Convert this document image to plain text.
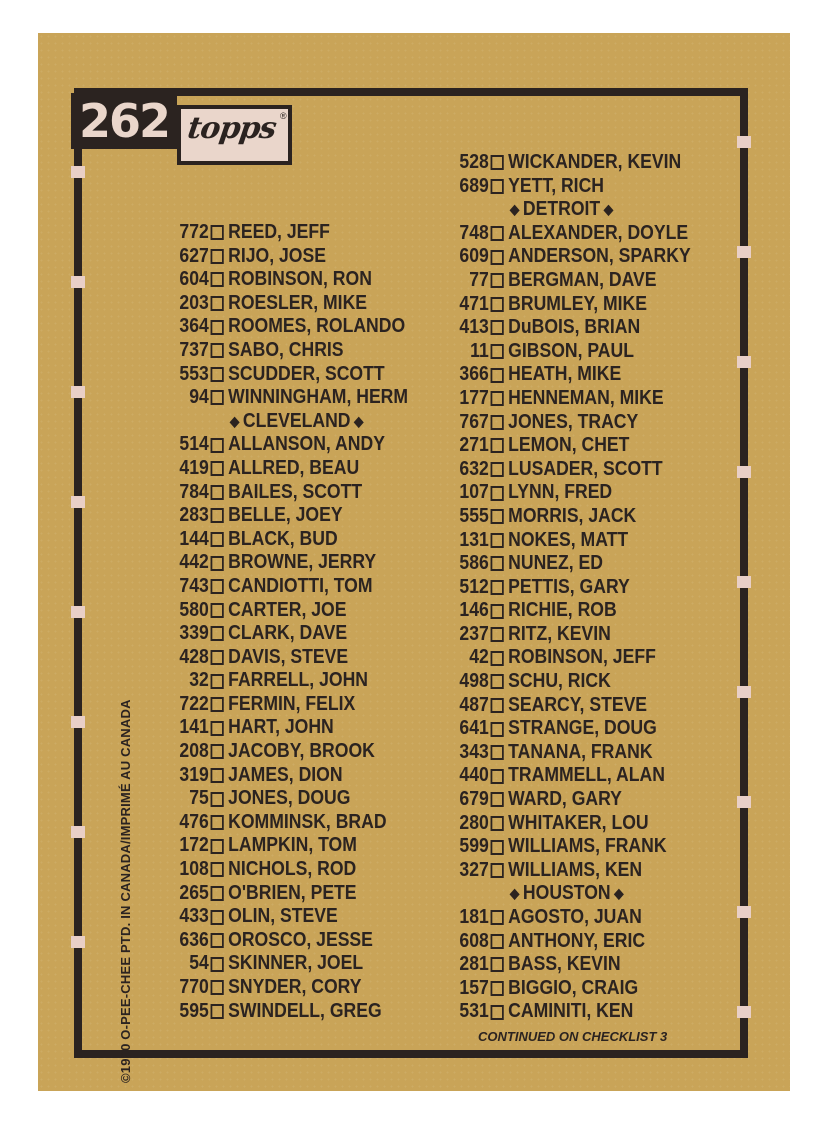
262 topps ®
772 REED, JEFF
627 RIJO, JOSE
604 ROBINSON, RON
203 ROESLER, MIKE
364 ROOMES, ROLANDO
737 SABO, CHRIS
553 SCUDDER, SCOTT
94 WINNINGHAM, HERM
◆ CLEVELAND ◆
514 ALLANSON, ANDY
419 ALLRED, BEAU
784 BAILES, SCOTT
283 BELLE, JOEY
144 BLACK, BUD
442 BROWNE, JERRY
743 CANDIOTTI, TOM
580 CARTER, JOE
339 CLARK, DAVE
428 DAVIS, STEVE
32 FARRELL, JOHN
722 FERMIN, FELIX
141 HART, JOHN
208 JACOBY, BROOK
319 JAMES, DION
75 JONES, DOUG
476 KOMMINSK, BRAD
172 LAMPKIN, TOM
108 NICHOLS, ROD
265 O'BRIEN, PETE
433 OLIN, STEVE
636 OROSCO, JESSE
54 SKINNER, JOEL
770 SNYDER, CORY
595 SWINDELL, GREG
528 WICKANDER, KEVIN
689 YETT, RICH
◆ DETROIT ◆
748 ALEXANDER, DOYLE
609 ANDERSON, SPARKY
77 BERGMAN, DAVE
471 BRUMLEY, MIKE
413 DuBOIS, BRIAN
11 GIBSON, PAUL
366 HEATH, MIKE
177 HENNEMAN, MIKE
767 JONES, TRACY
271 LEMON, CHET
632 LUSADER, SCOTT
107 LYNN, FRED
555 MORRIS, JACK
131 NOKES, MATT
586 NUNEZ, ED
512 PETTIS, GARY
146 RICHIE, ROB
237 RITZ, KEVIN
42 ROBINSON, JEFF
498 SCHU, RICK
487 SEARCY, STEVE
641 STRANGE, DOUG
343 TANANA, FRANK
440 TRAMMELL, ALAN
679 WARD, GARY
280 WHITAKER, LOU
599 WILLIAMS, FRANK
327 WILLIAMS, KEN
◆ HOUSTON ◆
181 AGOSTO, JUAN
608 ANTHONY, ERIC
281 BASS, KEVIN
157 BIGGIO, CRAIG
531 CAMINITI, KEN
©1990 O-PEE-CHEE PTD. IN CANADA/IMPRIMÉ AU CANADA	CONTINUED ON CHECKLIST 3
